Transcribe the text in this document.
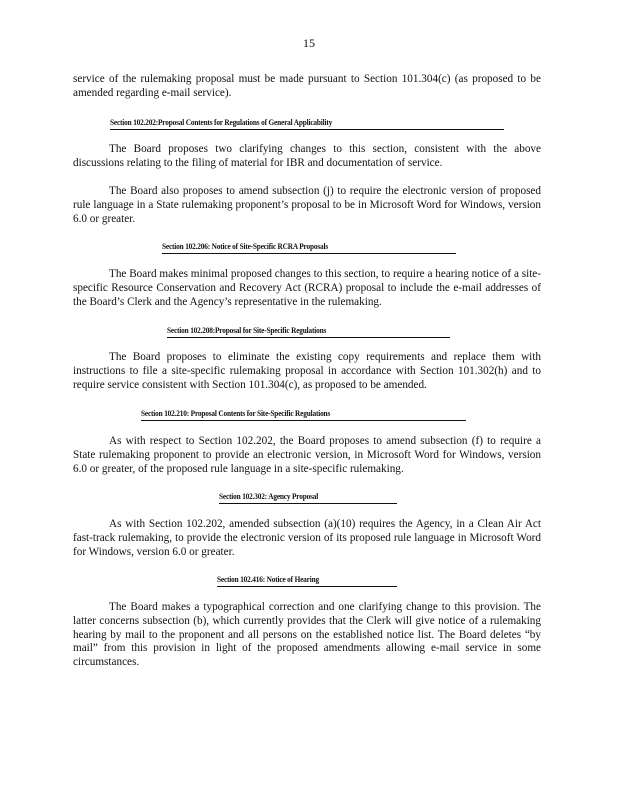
15

service of the rulemaking proposal must be made pursuant to Section 101.304(c) (as proposed to be amended regarding e-mail service).

Section 102.202:Proposal Contents for Regulations of General Applicability

The Board proposes two clarifying changes to this section, consistent with the above discussions relating to the filing of material for IBR and documentation of service.

The Board also proposes to amend subsection (j) to require the electronic version of proposed rule language in a State rulemaking proponent’s proposal to be in Microsoft Word for Windows, version 6.0 or greater.

Section 102.206: Notice of Site-Specific RCRA Proposals

The Board makes minimal proposed changes to this section, to require a hearing notice of a site-specific Resource Conservation and Recovery Act (RCRA) proposal to include the e-mail addresses of the Board’s Clerk and the Agency’s representative in the rulemaking.

Section 102.208:Proposal for Site-Specific Regulations

The Board proposes to eliminate the existing copy requirements and replace them with instructions to file a site-specific rulemaking proposal in accordance with Section 101.302(h) and to require service consistent with Section 101.304(c), as proposed to be amended.

Section 102.210: Proposal Contents for Site-Specific Regulations

As with respect to Section 102.202, the Board proposes to amend subsection (f) to require a State rulemaking proponent to provide an electronic version, in Microsoft Word for Windows, version 6.0 or greater, of the proposed rule language in a site-specific rulemaking.

Section 102.302: Agency Proposal

As with Section 102.202, amended subsection (a)(10) requires the Agency, in a Clean Air Act fast-track rulemaking, to provide the electronic version of its proposed rule language in Microsoft Word for Windows, version 6.0 or greater.

Section 102.416: Notice of Hearing

The Board makes a typographical correction and one clarifying change to this provision. The latter concerns subsection (b), which currently provides that the Clerk will give notice of a rulemaking hearing by mail to the proponent and all persons on the established notice list. The Board deletes “by mail” from this provision in light of the proposed amendments allowing e-mail service in some circumstances.
